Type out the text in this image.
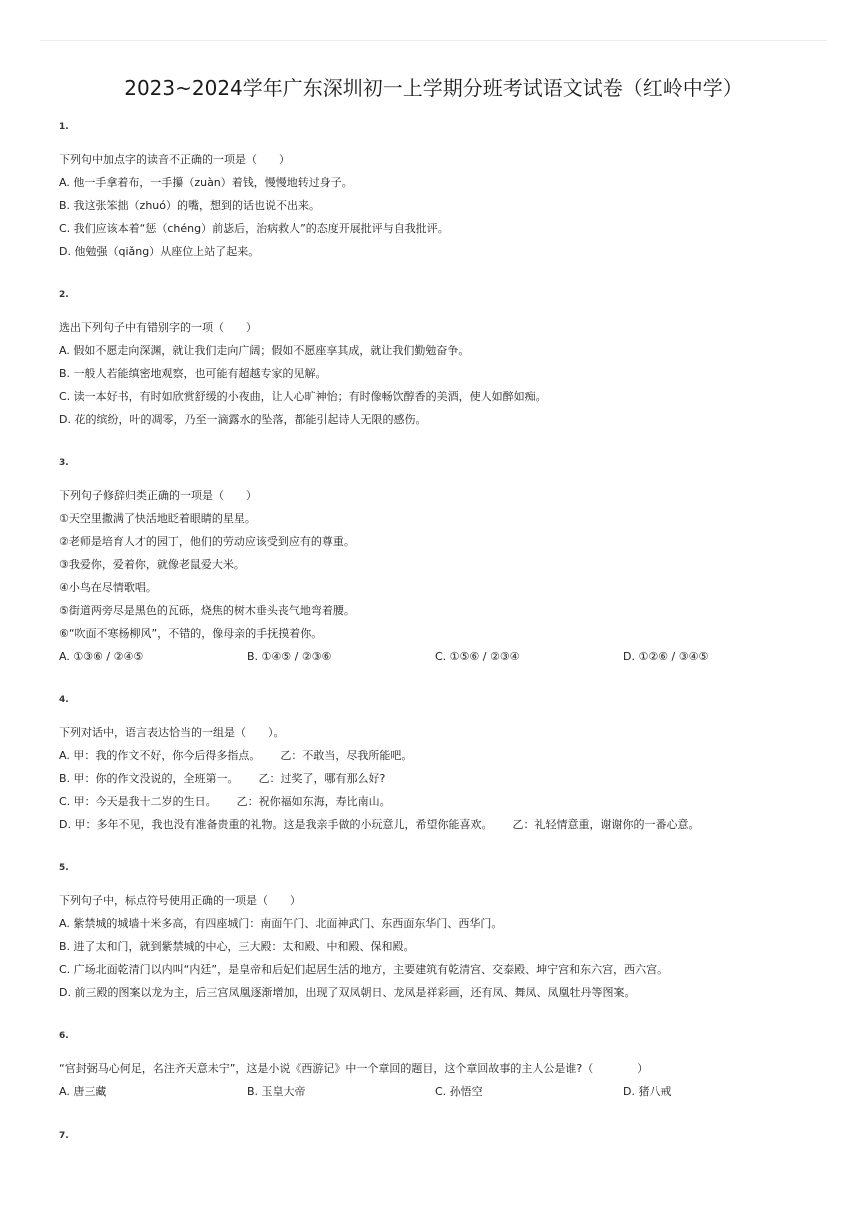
2023~2024学年广东深圳初一上学期分班考试语文试卷（红岭中学）
1.
下列句中加点字的读音不正确的一项是（　　）
A. 他一手拿着布，一手攥（zuàn）着钱，慢慢地转过身子。
B. 我这张笨拙（zhuó）的嘴，想到的话也说不出来。
C. 我们应该本着“惩（chéng）前毖后，治病救人”的态度开展批评与自我批评。
D. 他勉强（qiǎng）从座位上站了起来。
2.
选出下列句子中有错别字的一项（　　）
A. 假如不愿走向深渊，就让我们走向广阔；假如不愿座享其成，就让我们勤勉奋争。
B. 一般人若能缜密地观察，也可能有超越专家的见解。
C. 读一本好书，有时如欣赏舒缓的小夜曲，让人心旷神怡；有时像畅饮醇香的美酒，使人如醉如痴。
D. 花的缤纷，叶的凋零，乃至一滴露水的坠落，都能引起诗人无限的感伤。
3.
下列句子修辞归类正确的一项是（　　）
①天空里撒满了快活地眨着眼睛的星星。
②老师是培育人才的园丁，他们的劳动应该受到应有的尊重。
③我爱你，爱着你，就像老鼠爱大米。
④小鸟在尽情歌唱。
⑤街道两旁尽是黑色的瓦砾，烧焦的树木垂头丧气地弯着腰。
⑥“吹面不寒杨柳风”，不错的，像母亲的手抚摸着你。
A. ①③⑥ / ②④⑤	B. ①④⑤ / ②③⑥	C. ①⑤⑥ / ②③④	D. ①②⑥ / ③④⑤
4.
下列对话中，语言表达恰当的一组是（　　）。
A. 甲：我的作文不好，你今后得多指点。　　 乙：不敢当，尽我所能吧。
B. 甲：你的作文没说的，全班第一。　　 乙：过奖了，哪有那么好?
C. 甲：今天是我十二岁的生日。　　 乙：祝你福如东海，寿比南山。
D. 甲：多年不见，我也没有准备贵重的礼物。这是我亲手做的小玩意儿，希望你能喜欢。　　 乙：礼轻情意重，谢谢你的一番心意。
5.
下列句子中，标点符号使用正确的一项是（　　）
A. 紫禁城的城墙十米多高，有四座城门：南面午门、北面神武门、东西面东华门、西华门。
B. 进了太和门，就到紫禁城的中心，三大殿：太和殿、中和殿、保和殿。
C. 广场北面乾清门以内叫“内廷”，是皇帝和后妃们起居生活的地方，主要建筑有乾清宫、交泰殿、坤宁宫和东六宫，西六宫。
D. 前三殿的图案以龙为主，后三宫凤凰逐渐增加，出现了双凤朝日、龙凤是祥彩画，还有凤、舞凤、凤凰牡丹等图案。
6.
“官封弼马心何足，名注齐天意未宁”，这是小说《西游记》中一个章回的题目，这个章回故事的主人公是谁?（　　　　）
A. 唐三藏	B. 玉皇大帝	C. 孙悟空	D. 猪八戒
7.
